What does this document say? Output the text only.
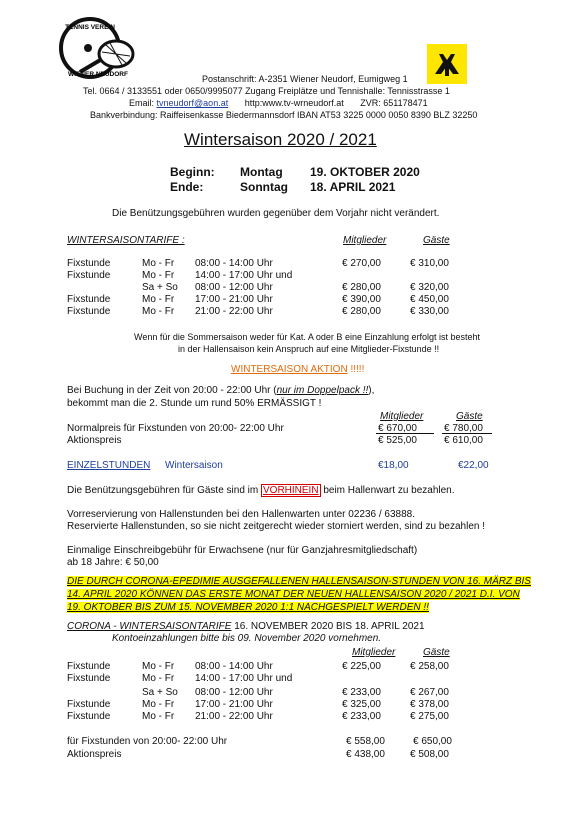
TENNIS VEREIN
WIENER NEUDORF	Postanschrift: A-2351 Wiener Neudorf, Eumigweg 1
Tel. 0664 / 3133551 oder 0650/9995077 Zugang Freiplätze und Tennishalle: Tennisstrasse 1
Email: tvneudorf@aon.at http:www.tv-wrneudorf.at ZVR: 651178471
Bankverbindung: Raiffeisenkasse Biedermannsdorf IBAN AT53 3225 0000 0050 8390 BLZ 32250
Wintersaison 2020 / 2021
Beginn: Montag 19. OKTOBER 2020
Ende:	Sonntag 18. APRIL 2021
Die Benützungsgebühren wurden gegenüber dem Vorjahr nicht verändert.
WINTERSAISONTARIFE :	Mitglieder	Gäste
Fixstunde	Mo - Fr 08:00 - 14:00 Uhr	€ 270,00	€ 310,00
Fixstunde	Mo - Fr 14:00 - 17:00 Uhr und
Sa + So 08:00 - 12:00 Uhr	€ 280,00	€ 320,00
Fixstunde	Mo - Fr 17:00 - 21:00 Uhr	€ 390,00	€ 450,00
Fixstunde	Mo - Fr 21:00 - 22:00 Uhr	€ 280,00	€ 330,00
Wenn für die Sommersaison weder für Kat. A oder B eine Einzahlung erfolgt ist besteht
in der Hallensaison kein Anspruch auf eine Mitglieder-Fixstunde !!
WINTERSAISON AKTION !!!!!
Bei Buchung in der Zeit von 20:00 - 22:00 Uhr (nur im Doppelpack !!),
bekommt man die 2. Stunde um rund 50% ERMÄSSIGT !
Mitglieder	Gäste
Normalpreis für Fixstunden von 20:00- 22:00 Uhr	€ 670,00	€ 780,00
Aktionspreis	€ 525,00	€ 610,00
EINZELSTUNDEN Wintersaison	€18,00	€22,00
Die Benützungsgebühren für Gäste sind im VORHINEIN beim Hallenwart zu bezahlen.
Vorreservierung von Hallenstunden bei den Hallenwarten unter 02236 / 63888.
Reservierte Hallenstunden, so sie nicht zeitgerecht wieder storniert werden, sind zu bezahlen !
Einmalige Einschreibgebühr für Erwachsene (nur für Ganzjahresmitgliedschaft)
ab 18 Jahre: € 50,00
DIE DURCH CORONA-EPEDIMIE AUSGEFALLENEN HALLENSAISON-STUNDEN VON 16. MÄRZ BIS
14. APRIL 2020 KÖNNEN DAS ERSTE MONAT DER NEUEN HALLENSAISON 2020 / 2021 D.I. VON
19. OKTOBER BIS ZUM 15. NOVEMBER 2020 1:1 NACHGESPIELT WERDEN !!
CORONA - WINTERSAISONTARIFE 16. NOVEMBER 2020 BIS 18. APRIL 2021
Kontoeinzahlungen bitte bis 09. November 2020 vornehmen.
Mitglieder	Gäste
Fixstunde	Mo - Fr 08:00 - 14:00 Uhr	€ 225,00	€ 258,00
Fixstunde	Mo - Fr 14:00 - 17:00 Uhr und
Sa + So 08:00 - 12:00 Uhr	€ 233,00	€ 267,00
Fixstunde	Mo - Fr 17:00 - 21:00 Uhr	€ 325,00	€ 378,00
Fixstunde	Mo - Fr 21:00 - 22:00 Uhr	€ 233,00	€ 275,00
für Fixstunden von 20:00- 22:00 Uhr	€ 558,00	€ 650,00
Aktionspreis	€ 438,00	€ 508,00
